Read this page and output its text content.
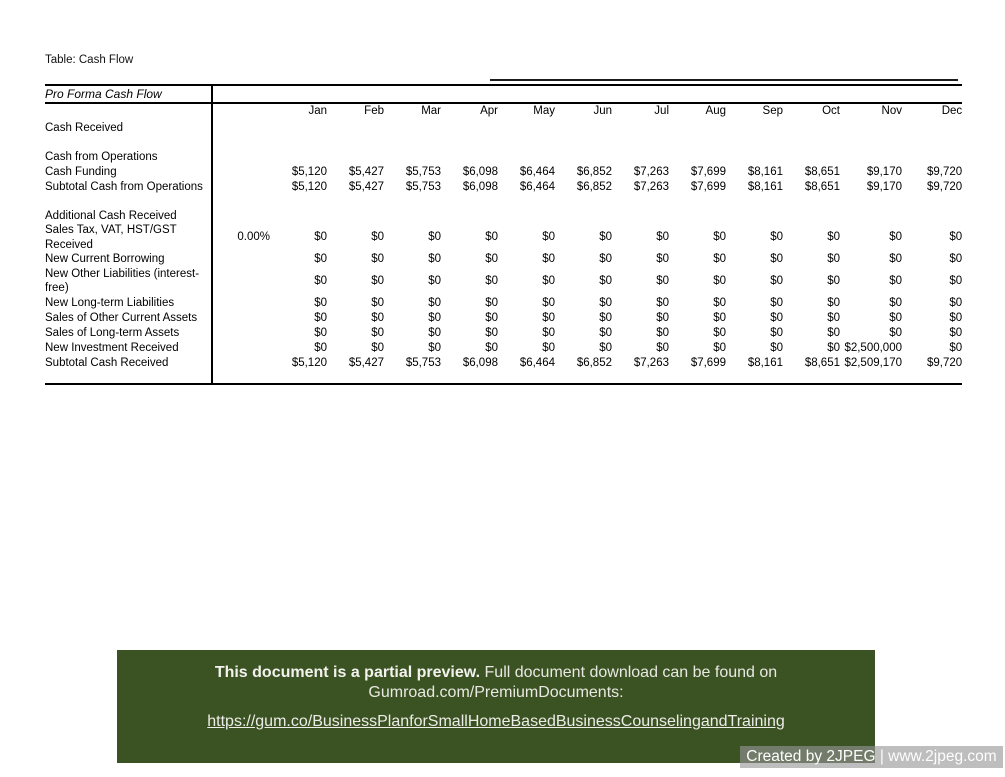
Table: Cash Flow
Pro Forma Cash Flow													
		Jan	Feb	Mar	Apr	May	Jun	Jul	Aug	Sep	Oct	Nov	Dec
Cash Received													

Cash from Operations													
Cash Funding		$5,120	$5,427	$5,753	$6,098	$6,464	$6,852	$7,263	$7,699	$8,161	$8,651	$9,170	$9,720
Subtotal Cash from Operations		$5,120	$5,427	$5,753	$6,098	$6,464	$6,852	$7,263	$7,699	$8,161	$8,651	$9,170	$9,720

Additional Cash Received													
Sales Tax, VAT, HST/GST Received	0.00%	$0	$0	$0	$0	$0	$0	$0	$0	$0	$0	$0	$0
New Current Borrowing		$0	$0	$0	$0	$0	$0	$0	$0	$0	$0	$0	$0
New Other Liabilities (interest-free)		$0	$0	$0	$0	$0	$0	$0	$0	$0	$0	$0	$0
New Long-term Liabilities		$0	$0	$0	$0	$0	$0	$0	$0	$0	$0	$0	$0
Sales of Other Current Assets		$0	$0	$0	$0	$0	$0	$0	$0	$0	$0	$0	$0
Sales of Long-term Assets		$0	$0	$0	$0	$0	$0	$0	$0	$0	$0	$0	$0
New Investment Received		$0	$0	$0	$0	$0	$0	$0	$0	$0	$0	$2,500,000	$0
Subtotal Cash Received		$5,120	$5,427	$5,753	$6,098	$6,464	$6,852	$7,263	$7,699	$8,161	$8,651	$2,509,170	$9,720

This document is a partial preview. Full document download can be found on
Gumroad.com/PremiumDocuments:
https://gum.co/BusinessPlanforSmallHomeBasedBusinessCounselingandTraining
Created by 2JPEG | www.2jpeg.com
